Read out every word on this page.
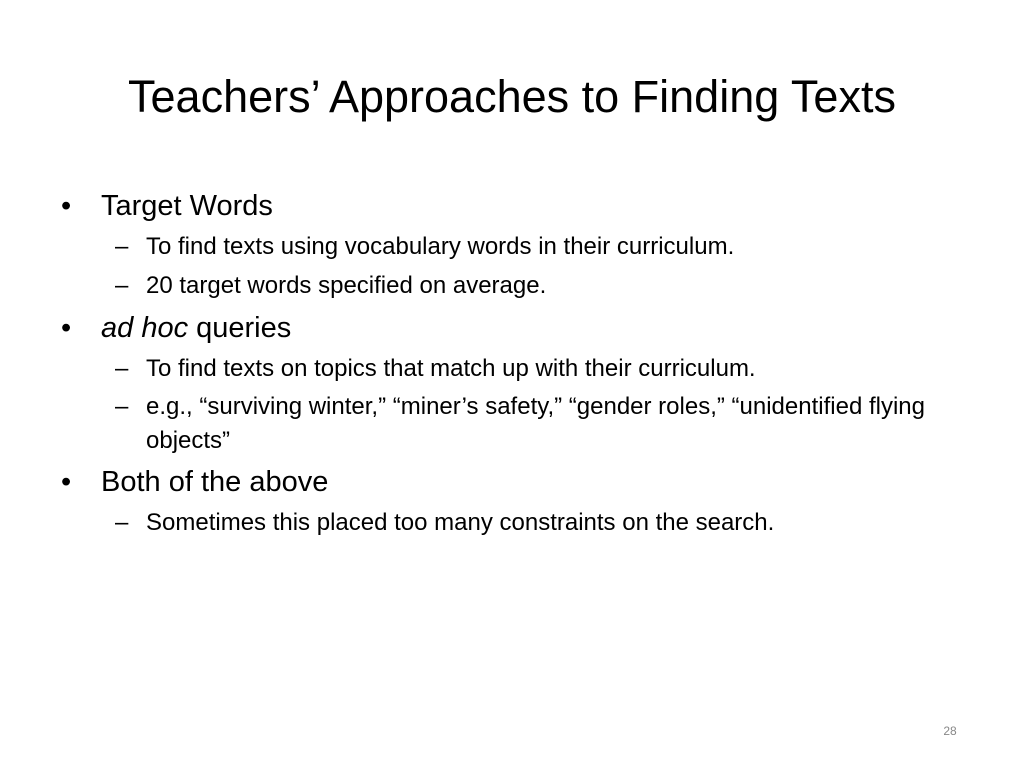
Teachers’ Approaches to Finding Texts
•	Target Words
– To find texts using vocabulary words in their curriculum.
– 20 target words specified on average.
•	ad hoc queries
– To find texts on topics that match up with their curriculum.
– e.g., “surviving winter,” “miner’s safety,” “gender roles,” “unidentified flying objects”
•	Both of the above
– Sometimes this placed too many constraints on the search.
28
